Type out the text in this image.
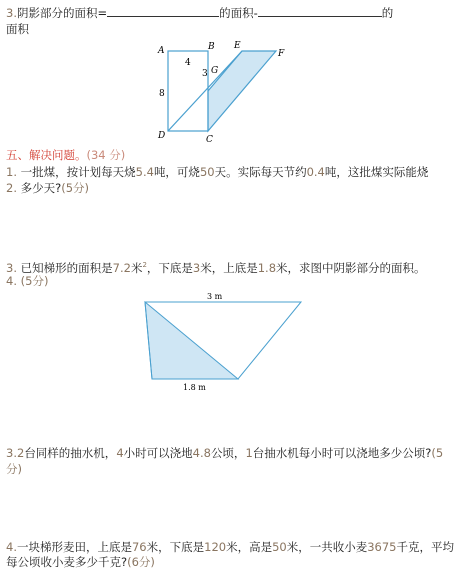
3.阴影部分的面积=	的面积-	的
面积
A	B E
F
G
D	C
4
3
8
五、解决问题。(34 分)
1. 一批煤，按计划每天烧5.4吨，可烧50天。实际每天节约0.4吨，这批煤实际能烧
2. 多少天?(5分)
3. 已知梯形的面积是7.2米$^2$，下底是3米，上底是1.8米，求图中阴影部分的面积。
4. (5分)
3 m
1.8 m
3.2台同样的抽水机，4小时可以浇地4.8公顷，1台抽水机每小时可以浇地多少公顷?(5
分)
4.一块梯形麦田，上底是76米，下底是120米，高是50米，一共收小麦3675千克，平均
每公顷收小麦多少千克?(6分)
